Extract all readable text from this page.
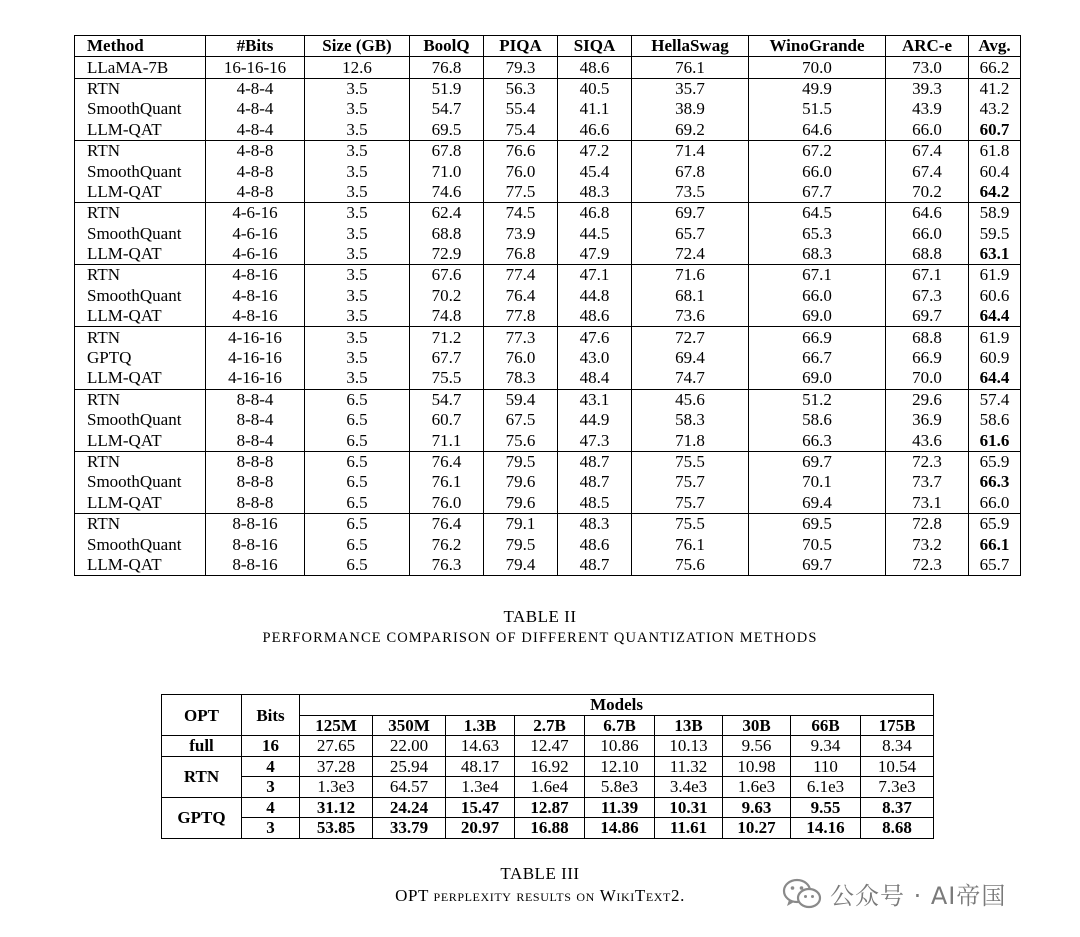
Method	#Bits	Size (GB)	BoolQ	PIQA	SIQA	HellaSwag	WinoGrande	ARC-e	Avg.
LLaMA-7B	16-16-16	12.6	76.8	79.3	48.6	76.1	70.0	73.0	66.2
RTN	4-8-4	3.5	51.9	56.3	40.5	35.7	49.9	39.3	41.2
SmoothQuant	4-8-4	3.5	54.7	55.4	41.1	38.9	51.5	43.9	43.2
LLM-QAT	4-8-4	3.5	69.5	75.4	46.6	69.2	64.6	66.0	60.7
RTN	4-8-8	3.5	67.8	76.6	47.2	71.4	67.2	67.4	61.8
SmoothQuant	4-8-8	3.5	71.0	76.0	45.4	67.8	66.0	67.4	60.4
LLM-QAT	4-8-8	3.5	74.6	77.5	48.3	73.5	67.7	70.2	64.2
RTN	4-6-16	3.5	62.4	74.5	46.8	69.7	64.5	64.6	58.9
SmoothQuant	4-6-16	3.5	68.8	73.9	44.5	65.7	65.3	66.0	59.5
LLM-QAT	4-6-16	3.5	72.9	76.8	47.9	72.4	68.3	68.8	63.1
RTN	4-8-16	3.5	67.6	77.4	47.1	71.6	67.1	67.1	61.9
SmoothQuant	4-8-16	3.5	70.2	76.4	44.8	68.1	66.0	67.3	60.6
LLM-QAT	4-8-16	3.5	74.8	77.8	48.6	73.6	69.0	69.7	64.4
RTN	4-16-16	3.5	71.2	77.3	47.6	72.7	66.9	68.8	61.9
GPTQ	4-16-16	3.5	67.7	76.0	43.0	69.4	66.7	66.9	60.9
LLM-QAT	4-16-16	3.5	75.5	78.3	48.4	74.7	69.0	70.0	64.4
RTN	8-8-4	6.5	54.7	59.4	43.1	45.6	51.2	29.6	57.4
SmoothQuant	8-8-4	6.5	60.7	67.5	44.9	58.3	58.6	36.9	58.6
LLM-QAT	8-8-4	6.5	71.1	75.6	47.3	71.8	66.3	43.6	61.6
RTN	8-8-8	6.5	76.4	79.5	48.7	75.5	69.7	72.3	65.9
SmoothQuant	8-8-8	6.5	76.1	79.6	48.7	75.7	70.1	73.7	66.3
LLM-QAT	8-8-8	6.5	76.0	79.6	48.5	75.7	69.4	73.1	66.0
RTN	8-8-16	6.5	76.4	79.1	48.3	75.5	69.5	72.8	65.9
SmoothQuant	8-8-16	6.5	76.2	79.5	48.6	76.1	70.5	73.2	66.1
LLM-QAT	8-8-16	6.5	76.3	79.4	48.7	75.6	69.7	72.3	65.7
TABLE II
PERFORMANCE COMPARISON OF DIFFERENT QUANTIZATION METHODS
OPT	Bits	Models								
		125M	350M	1.3B	2.7B	6.7B	13B	30B	66B	175B
full	16	27.65	22.00	14.63	12.47	10.86	10.13	9.56	9.34	8.34
RTN	4	37.28	25.94	48.17	16.92	12.10	11.32	10.98	110	10.54
	3	1.3e3	64.57	1.3e4	1.6e4	5.8e3	3.4e3	1.6e3	6.1e3	7.3e3
GPTQ	4	31.12	24.24	15.47	12.87	11.39	10.31	9.63	9.55	8.37
	3	53.85	33.79	20.97	16.88	14.86	11.61	10.27	14.16	8.68
TABLE III
OPT perplexity results on WikiText2.	公众号 · AI帝国
